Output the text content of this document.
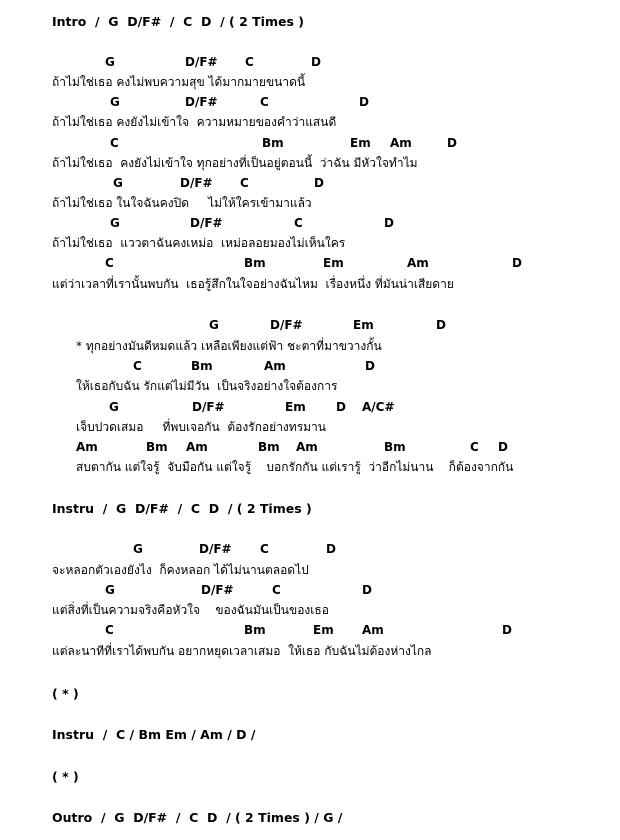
Intro  /  G  D/F#  /  C  D  / ( 2 Times )
G	D/F# C	D
ถ้าไม่ใช่เธอ คงไม่พบความสุข ได้มากมายขนาดนี้
G	D/F#	C	D
ถ้าไม่ใช่เธอ คงยังไม่เข้าใจ  ความหมายของคำว่าแสนดี
C	Bm	Em Am	D
ถ้าไม่ใช่เธอ  คงยังไม่เข้าใจ ทุกอย่างที่เป็นอยู่ตอนนี้  ว่าฉัน มีหัวใจทำไม
G	D/F# C	D
ถ้าไม่ใช่เธอ ในใจฉันคงปิด     ไม่ให้ใครเข้ามาแล้ว
G	D/F#	C	D
ถ้าไม่ใช่เธอ  แววตาฉันคงเหม่อ  เหม่อลอยมองไม่เห็นใคร
C	Bm	Em	Am	D
แต่ว่าเวลาที่เรานั้นพบกัน  เธอรู้สึกในใจอย่างฉันไหม  เรื่องหนึ่ง ที่มันน่าเสียดาย
G	D/F#	Em	D
* ทุกอย่างมันดีหมดแล้ว เหลือเพียงแต่ฟ้า ชะตาที่มาขวางกั้น
C	Bm	Am	D
ให้เธอกับฉัน รักแต่ไม่มีวัน  เป็นจริงอย่างใจต้องการ
G	D/F#	Em	D A/C#
เจ็บปวดเสมอ     ที่พบเจอกัน  ต้องรักอย่างทรมาน
Am	Bm Am	Bm Am	Bm	C D
สบตากัน แต่ใจรู้  จับมือกัน แต่ใจรู้    บอกรักกัน แต่เรารู้  ว่าอีกไม่นาน    ก็ต้องจากกัน
Instru  /  G  D/F#  /  C  D  / ( 2 Times )
G	D/F# C	D
จะหลอกตัวเองยังไง  ก็คงหลอก ได้ไม่นานตลอดไป
G	D/F#	C	D
แต่สิ่งที่เป็นความจริงคือหัวใจ    ของฉันมันเป็นของเธอ
C	Bm	Em Am	D
แต่ละนาทีที่เราได้พบกัน อยากหยุดเวลาเสมอ  ให้เธอ กับฉันไม่ต้องห่างไกล
( * )
Instru  /  C / Bm Em / Am / D /
( * )
Outro  /  G  D/F#  /  C  D  / ( 2 Times ) / G /
